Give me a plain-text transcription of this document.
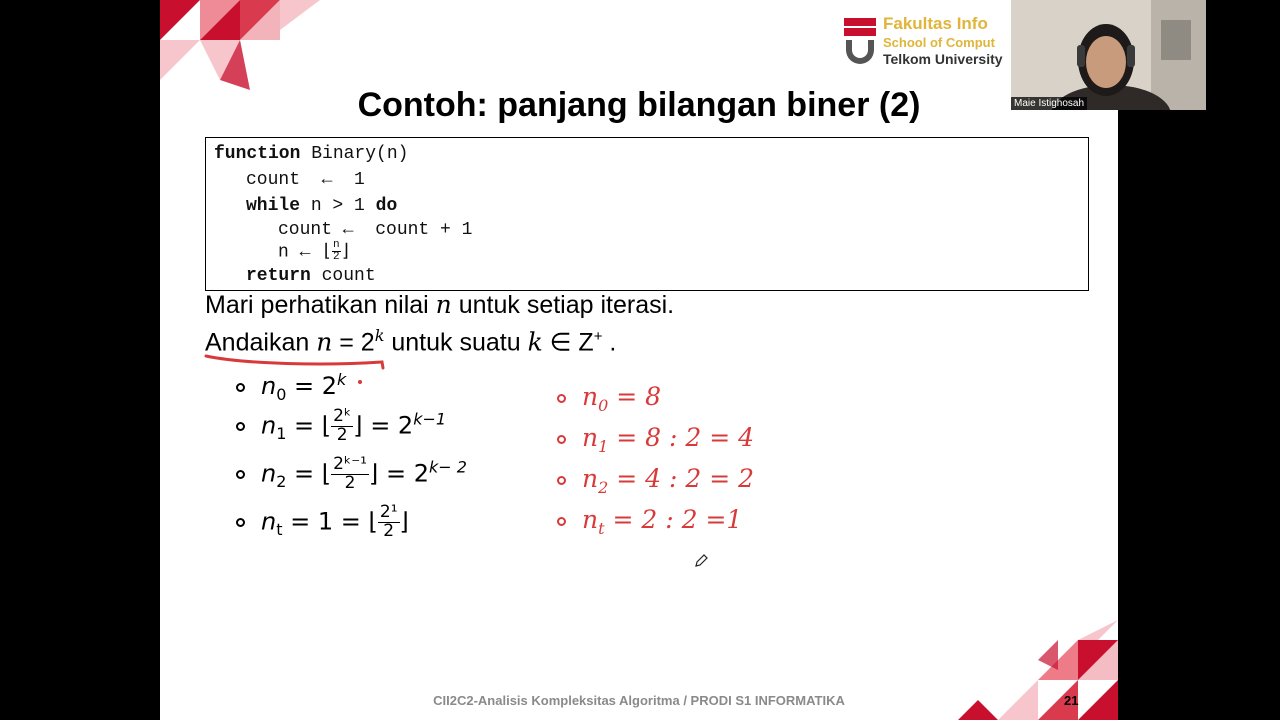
Fakultas Info
School of Comput
Telkom University
Contoh: panjang bilangan biner (2)
function Binary(n)
count  ←  1
while n > 1 do
count ←  count + 1
n ← ⌊ $\frac{n}{2}$ ⌋
return count
Mari perhatikan nilai n untuk setiap iterasi.
Andaikan $n = 2^k$ untuk suatu k ∈ Z+ .
$n_0 = 2^k$
$n_1$ = ⌊ $\frac{\text{2ᵏ}}{2}$ ⌋ = $2^{k-1}$
$n_2$ = ⌊ $\frac{\text{2ᵏ⁻¹}}{2}$ ⌋ = $2^{k- 2}$
$n_t = 1$ = ⌊ $\frac{\text{2¹}}{2}$ ⌋
$n_0 = 8$
$n_1 = 8$ : 2 = 4
$n_2 = 4$ : 2 = 2
$n_t = 2$ : 2 =1
CII2C2-Analisis Kompleksitas Algoritma / PRODI S1 INFORMATIKA	21
Maie Istighosah
